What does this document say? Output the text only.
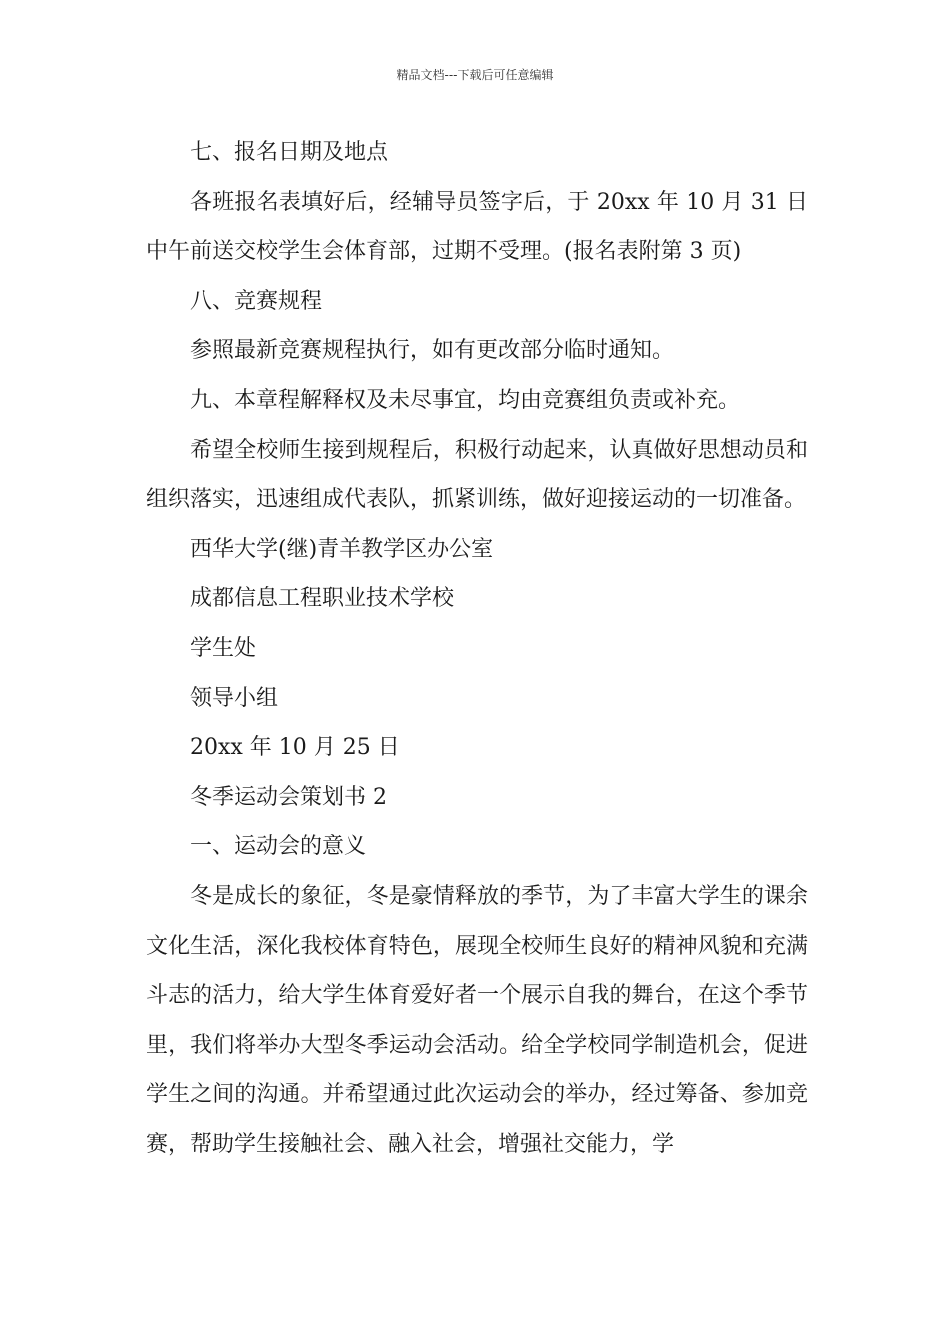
精品文档---下载后可任意编辑

七、报名日期及地点

各班报名表填好后，经辅导员签字后，于 20xx 年 10 月 31 日中午前送交校学生会体育部，过期不受理。(报名表附第 3 页)

八、竞赛规程

参照最新竞赛规程执行，如有更改部分临时通知。

九、本章程解释权及未尽事宜，均由竞赛组负责或补充。

希望全校师生接到规程后，积极行动起来，认真做好思想动员和组织落实，迅速组成代表队，抓紧训练，做好迎接运动的一切准备。

西华大学(继)青羊教学区办公室

成都信息工程职业技术学校

学生处

领导小组

20xx 年 10 月 25 日

冬季运动会策划书 2

一、运动会的意义

冬是成长的象征，冬是豪情释放的季节，为了丰富大学生的课余文化生活，深化我校体育特色，展现全校师生良好的精神风貌和充满斗志的活力，给大学生体育爱好者一个展示自我的舞台，在这个季节里，我们将举办大型冬季运动会活动。给全学校同学制造机会，促进学生之间的沟通。并希望通过此次运动会的举办，经过筹备、参加竞赛，帮助学生接触社会、融入社会，增强社交能力，学
